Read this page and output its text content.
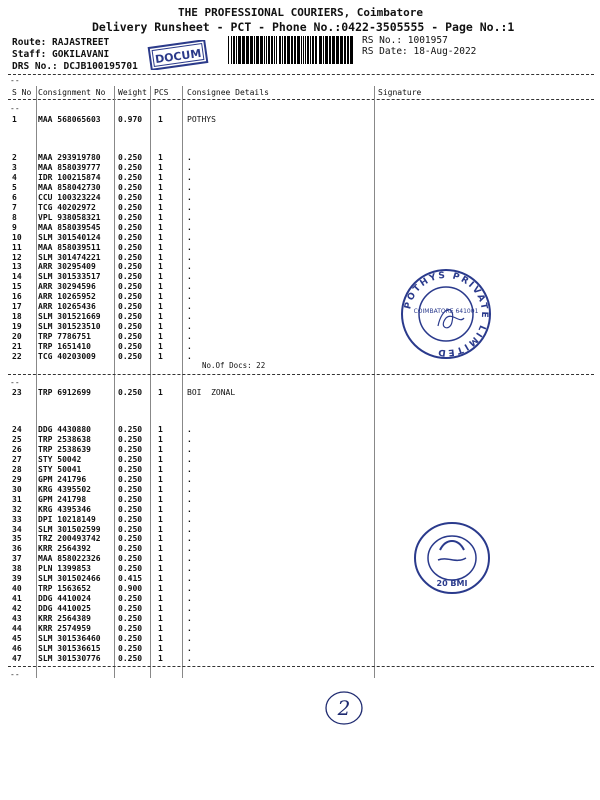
THE PROFESSIONAL COURIERS, Coimbatore
Delivery Runsheet - PCT - Phone No.:0422-3505555 - Page No.:1
Route: RAJASTREET
Staff: GOKILAVANI
DRS No.: DCJB100195701
RS No.: 1001957
RS Date: 18-Aug-2022
DOCUM
--
S No Consignment No Weight PCS Consignee Details	Signature
--
1	MAA 568065603 0.970 1	POTHYS
2	MAA 293919780 0.250 1	.
3	MAA 858039777 0.250 1	.
4	IDR 100215874 0.250 1	.
5	MAA 858042730 0.250 1	.
6	CCU 100323224 0.250 1	.
7	TCG 40202972	0.250 1	.
8	VPL 938058321 0.250 1	.
9	MAA 858039545 0.250 1	.
10 SLM 301540124 0.250 1	.
11 MAA 858039511 0.250 1	.
12 SLM 301474221 0.250 1	.
13 ARR 30295409	0.250 1	.
14 SLM 301533517 0.250 1	.
15 ARR 30294596	0.250 1	.
16 ARR 10265952	0.250 1	.
17 ARR 10265436	0.250 1	.
18 SLM 301521669 0.250 1	.
19 SLM 301523510 0.250 1	.
20 TRP 7786751	0.250 1	.
21 TRP 1651410	0.250 1	.
22 TCG 40203009	0.250 1	.
No.Of Docs: 22
--
23 TRP 6912699	0.250 1	BOI  ZONAL
24 DDG 4430880	0.250 1	.
25 TRP 2538638	0.250 1	.
26 TRP 2538639	0.250 1	.
27 STY 50042	0.250 1	.
28 STY 50041	0.250 1	.
29 GPM 241796	0.250 1	.
30 KRG 4395502	0.250 1	.
31 GPM 241798	0.250 1	.
32 KRG 4395346	0.250 1	.
33 DPI 10218149	0.250 1	.
34 SLM 301502599 0.250 1	.
35 TRZ 200493742 0.250 1	.
36 KRR 2564392	0.250 1	.
37 MAA 858022326 0.250 1	.
38 PLN 1399853	0.250 1	.
39 SLM 301502466 0.415 1	.
40 TRP 1563652	0.900 1	.
41 DDG 4410024	0.250 1	.
42 DDG 4410025	0.250 1	.
43 KRR 2564389	0.250 1	.
44 KRR 2574959	0.250 1	.
45 SLM 301536460 0.250 1	.
46 SLM 301536615 0.250 1	.
47 SLM 301530776 0.250 1	.
--
POTHYS PRIVATE LIMITED
COIMBATORE 641001
20 BMI
2
